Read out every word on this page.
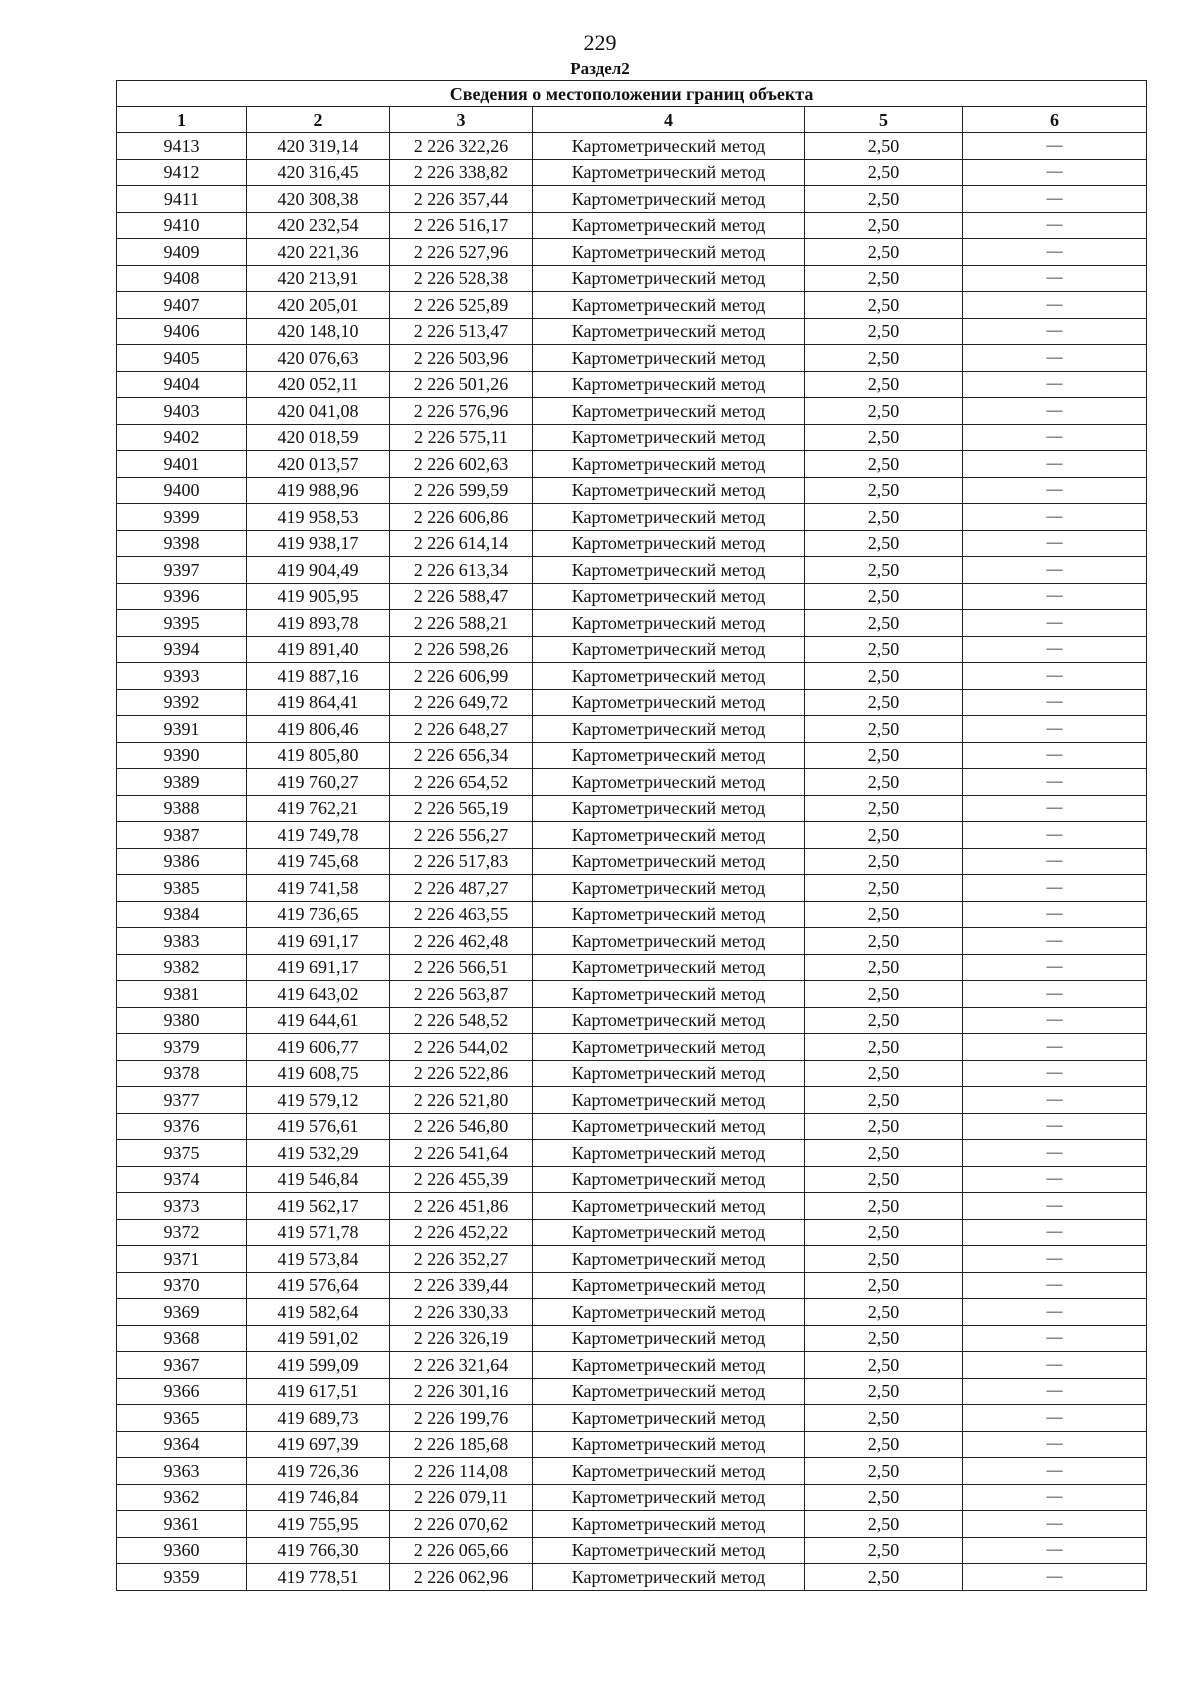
229
Раздел2
Сведения о местоположении границ объекта					
1	2	3	4	5	6
9413	420 319,14	2 226 322,26	Картометрический метод	2,50	—
9412	420 316,45	2 226 338,82	Картометрический метод	2,50	—
9411	420 308,38	2 226 357,44	Картометрический метод	2,50	—
9410	420 232,54	2 226 516,17	Картометрический метод	2,50	—
9409	420 221,36	2 226 527,96	Картометрический метод	2,50	—
9408	420 213,91	2 226 528,38	Картометрический метод	2,50	—
9407	420 205,01	2 226 525,89	Картометрический метод	2,50	—
9406	420 148,10	2 226 513,47	Картометрический метод	2,50	—
9405	420 076,63	2 226 503,96	Картометрический метод	2,50	—
9404	420 052,11	2 226 501,26	Картометрический метод	2,50	—
9403	420 041,08	2 226 576,96	Картометрический метод	2,50	—
9402	420 018,59	2 226 575,11	Картометрический метод	2,50	—
9401	420 013,57	2 226 602,63	Картометрический метод	2,50	—
9400	419 988,96	2 226 599,59	Картометрический метод	2,50	—
9399	419 958,53	2 226 606,86	Картометрический метод	2,50	—
9398	419 938,17	2 226 614,14	Картометрический метод	2,50	—
9397	419 904,49	2 226 613,34	Картометрический метод	2,50	—
9396	419 905,95	2 226 588,47	Картометрический метод	2,50	—
9395	419 893,78	2 226 588,21	Картометрический метод	2,50	—
9394	419 891,40	2 226 598,26	Картометрический метод	2,50	—
9393	419 887,16	2 226 606,99	Картометрический метод	2,50	—
9392	419 864,41	2 226 649,72	Картометрический метод	2,50	—
9391	419 806,46	2 226 648,27	Картометрический метод	2,50	—
9390	419 805,80	2 226 656,34	Картометрический метод	2,50	—
9389	419 760,27	2 226 654,52	Картометрический метод	2,50	—
9388	419 762,21	2 226 565,19	Картометрический метод	2,50	—
9387	419 749,78	2 226 556,27	Картометрический метод	2,50	—
9386	419 745,68	2 226 517,83	Картометрический метод	2,50	—
9385	419 741,58	2 226 487,27	Картометрический метод	2,50	—
9384	419 736,65	2 226 463,55	Картометрический метод	2,50	—
9383	419 691,17	2 226 462,48	Картометрический метод	2,50	—
9382	419 691,17	2 226 566,51	Картометрический метод	2,50	—
9381	419 643,02	2 226 563,87	Картометрический метод	2,50	—
9380	419 644,61	2 226 548,52	Картометрический метод	2,50	—
9379	419 606,77	2 226 544,02	Картометрический метод	2,50	—
9378	419 608,75	2 226 522,86	Картометрический метод	2,50	—
9377	419 579,12	2 226 521,80	Картометрический метод	2,50	—
9376	419 576,61	2 226 546,80	Картометрический метод	2,50	—
9375	419 532,29	2 226 541,64	Картометрический метод	2,50	—
9374	419 546,84	2 226 455,39	Картометрический метод	2,50	—
9373	419 562,17	2 226 451,86	Картометрический метод	2,50	—
9372	419 571,78	2 226 452,22	Картометрический метод	2,50	—
9371	419 573,84	2 226 352,27	Картометрический метод	2,50	—
9370	419 576,64	2 226 339,44	Картометрический метод	2,50	—
9369	419 582,64	2 226 330,33	Картометрический метод	2,50	—
9368	419 591,02	2 226 326,19	Картометрический метод	2,50	—
9367	419 599,09	2 226 321,64	Картометрический метод	2,50	—
9366	419 617,51	2 226 301,16	Картометрический метод	2,50	—
9365	419 689,73	2 226 199,76	Картометрический метод	2,50	—
9364	419 697,39	2 226 185,68	Картометрический метод	2,50	—
9363	419 726,36	2 226 114,08	Картометрический метод	2,50	—
9362	419 746,84	2 226 079,11	Картометрический метод	2,50	—
9361	419 755,95	2 226 070,62	Картометрический метод	2,50	—
9360	419 766,30	2 226 065,66	Картометрический метод	2,50	—
9359	419 778,51	2 226 062,96	Картометрический метод	2,50	—
